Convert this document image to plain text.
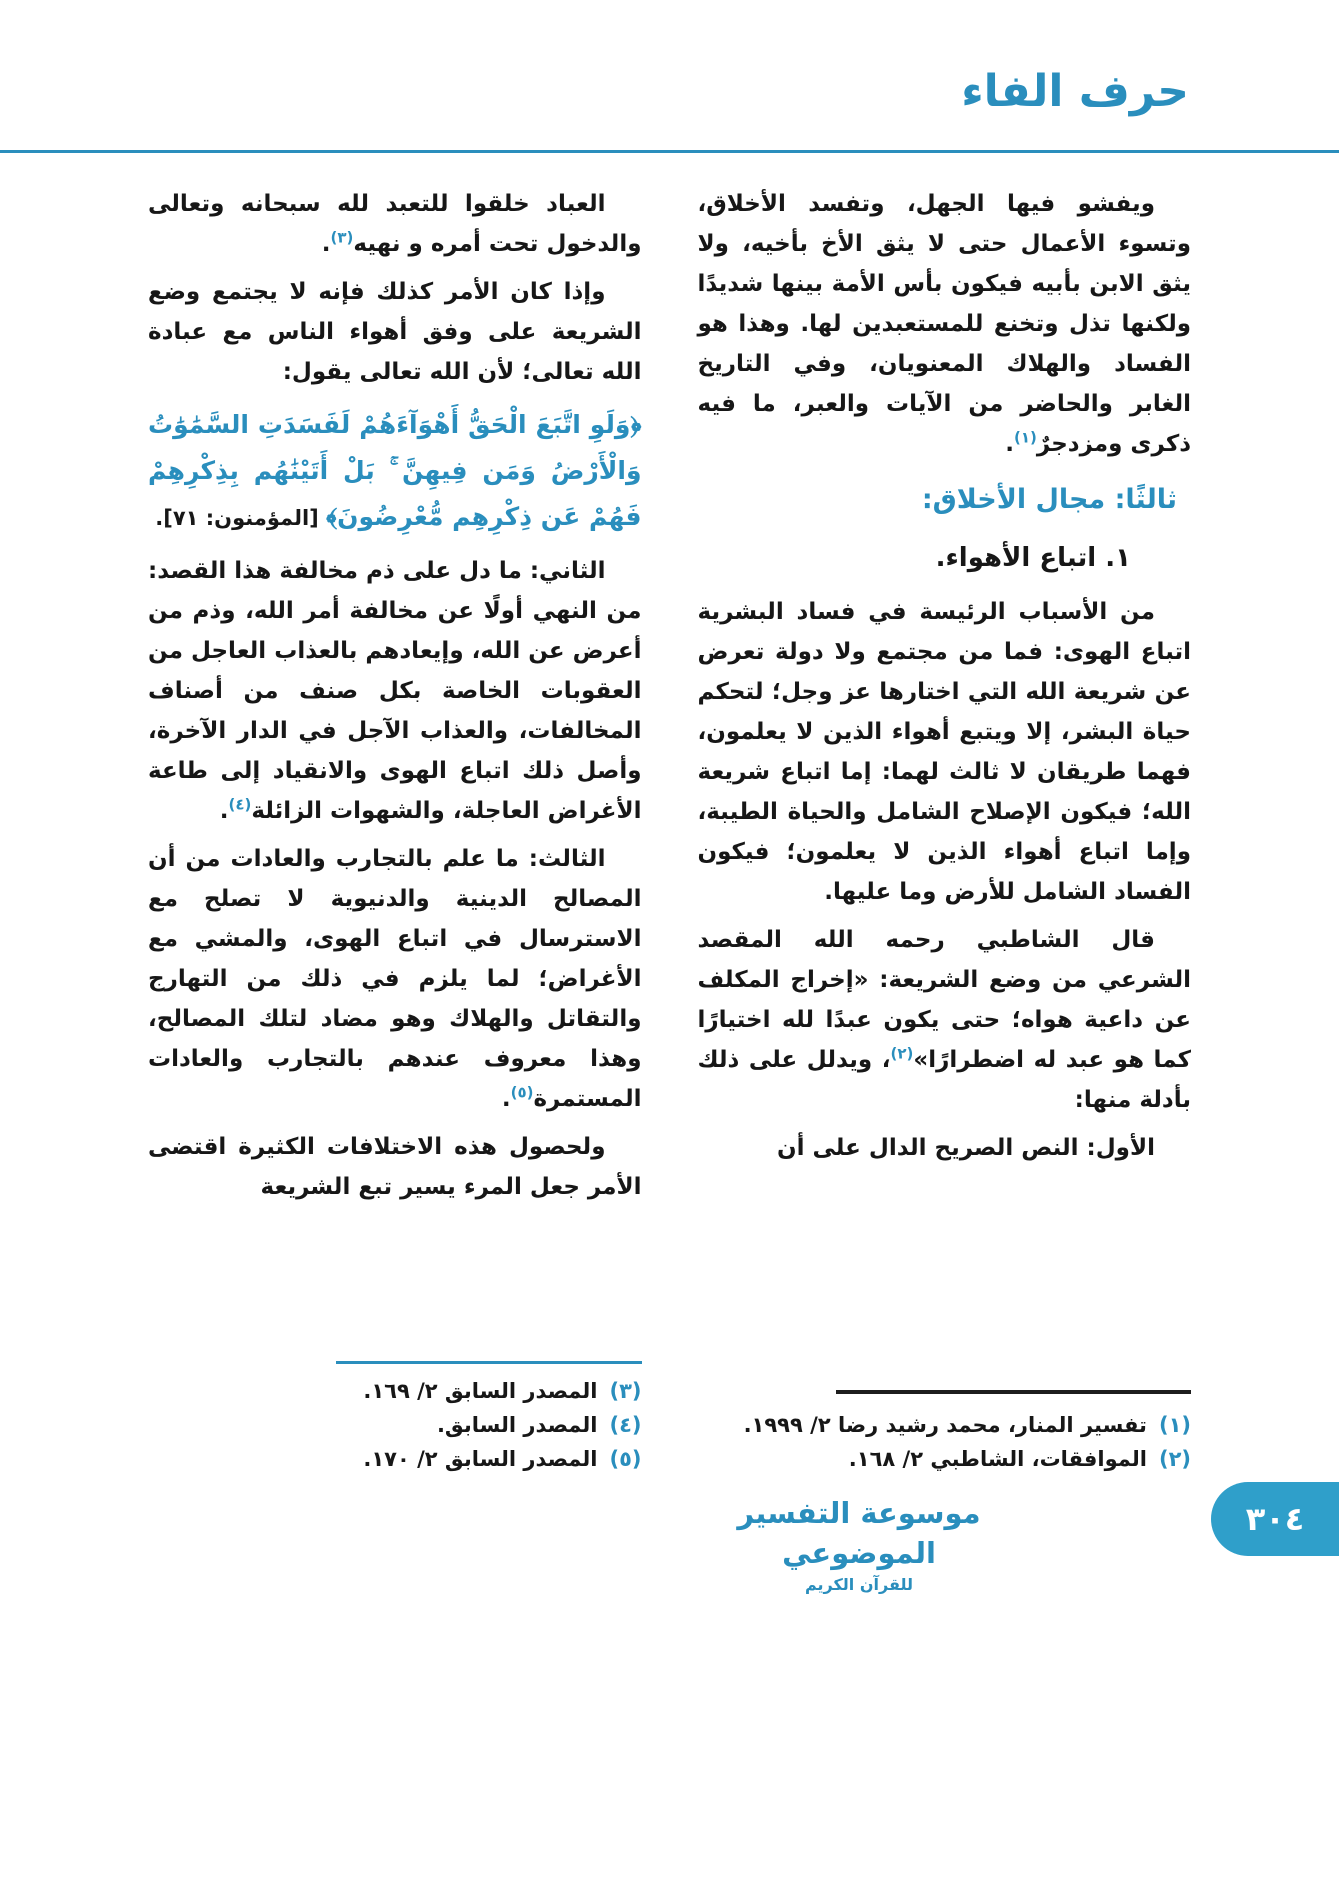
حرف الفاء

ويفشو فيها الجهل، وتفسد الأخلاق، وتسوء الأعمال حتى لا يثق الأخ بأخيه، ولا يثق الابن بأبيه فيكون بأس الأمة بينها شديدًا ولكنها تذل وتخنع للمستعبدين لها. وهذا هو الفساد والهلاك المعنويان، وفي التاريخ الغابر والحاضر من الآيات والعبر، ما فيه ذكرى ومزدجرٌ$^{(١)}$.

ثالثًا: مجال الأخلاق:
١. اتباع الأهواء.

من الأسباب الرئيسة في فساد البشرية اتباع الهوى: فما من مجتمع ولا دولة تعرض عن شريعة الله التي اختارها عز وجل؛ لتحكم حياة البشر، إلا ويتبع أهواء الذين لا يعلمون، فهما طريقان لا ثالث لهما: إما اتباع شريعة الله؛ فيكون الإصلاح الشامل والحياة الطيبة، وإما اتباع أهواء الذين لا يعلمون؛ فيكون الفساد الشامل للأرض وما عليها.

قال الشاطبي رحمه الله المقصد الشرعي من وضع الشريعة: «إخراج المكلف عن داعية هواه؛ حتى يكون عبدًا لله اختيارًا كما هو عبد له اضطرارًا»$^{(٢)}$، ويدلل على ذلك بأدلة منها:

الأول: النص الصريح الدال على أن

(١)
تفسير المنار، محمد رشيد رضا ٢/ ١٩٩٩.
(٢)
الموافقات، الشاطبي ٢/ ١٦٨.

العباد خلقوا للتعبد لله سبحانه وتعالى والدخول تحت أمره و نهيه$^{(٣)}$.

وإذا كان الأمر كذلك فإنه لا يجتمع وضع الشريعة على وفق أهواء الناس مع عبادة الله تعالى؛ لأن الله تعالى يقول:

﴿وَلَوِ اتَّبَعَ الْحَقُّ أَهْوَآءَهُمْ لَفَسَدَتِ السَّمَٰوَٰتُ وَالْأَرْضُ وَمَن فِيهِنَّ ۚ بَلْ أَتَيْنَٰهُم بِذِكْرِهِمْ فَهُمْ عَن ذِكْرِهِم مُّعْرِضُونَ﴾ [المؤمنون: ٧١].

الثاني: ما دل على ذم مخالفة هذا القصد: من النهي أولًا عن مخالفة أمر الله، وذم من أعرض عن الله، وإيعادهم بالعذاب العاجل من العقوبات الخاصة بكل صنف من أصناف المخالفات، والعذاب الآجل في الدار الآخرة، وأصل ذلك اتباع الهوى والانقياد إلى طاعة الأغراض العاجلة، والشهوات الزائلة$^{(٤)}$.

الثالث: ما علم بالتجارب والعادات من أن المصالح الدينية والدنيوية لا تصلح مع الاسترسال في اتباع الهوى، والمشي مع الأغراض؛ لما يلزم في ذلك من التهارج والتقاتل والهلاك وهو مضاد لتلك المصالح، وهذا معروف عندهم بالتجارب والعادات المستمرة$^{(٥)}$.

ولحصول هذه الاختلافات الكثيرة اقتضى الأمر جعل المرء يسير تبع الشريعة

(٣)
المصدر السابق ٢/ ١٦٩.
(٤)
المصدر السابق.
(٥)
المصدر السابق ٢/ ١٧٠.
موسوعة التفسير الموضوعي
للقرآن الكريم
٣٠٤
